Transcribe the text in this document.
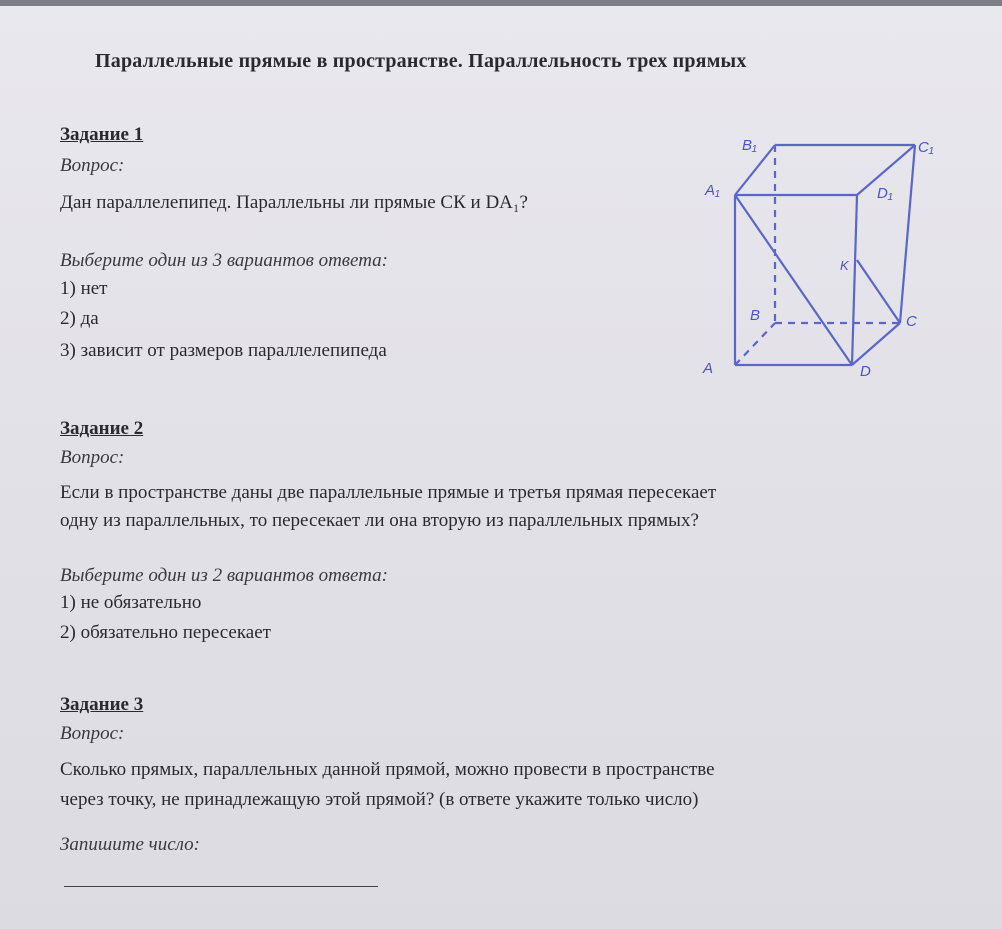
Параллельные прямые в пространстве. Параллельность трех прямых
Задание 1
Вопрос:
Дан параллелепипед. Параллельны ли прямые СК и DA₁?
Выберите один из 3 вариантов ответа:
1) нет
2) да
3) зависит от размеров параллелепипеда
B₁	C₁
A₁	D₁
K
B	C
A	D
Задание 2
Вопрос:
Если в пространстве даны две параллельные прямые и третья прямая пересекает
одну из параллельных, то пересекает ли она вторую из параллельных прямых?
Выберите один из 2 вариантов ответа:
1) не обязательно
2) обязательно пересекает
Задание 3
Вопрос:
Сколько прямых, параллельных данной прямой, можно провести в пространстве
через точку, не принадлежащую этой прямой? (в ответе укажите только число)
Запишите число:
